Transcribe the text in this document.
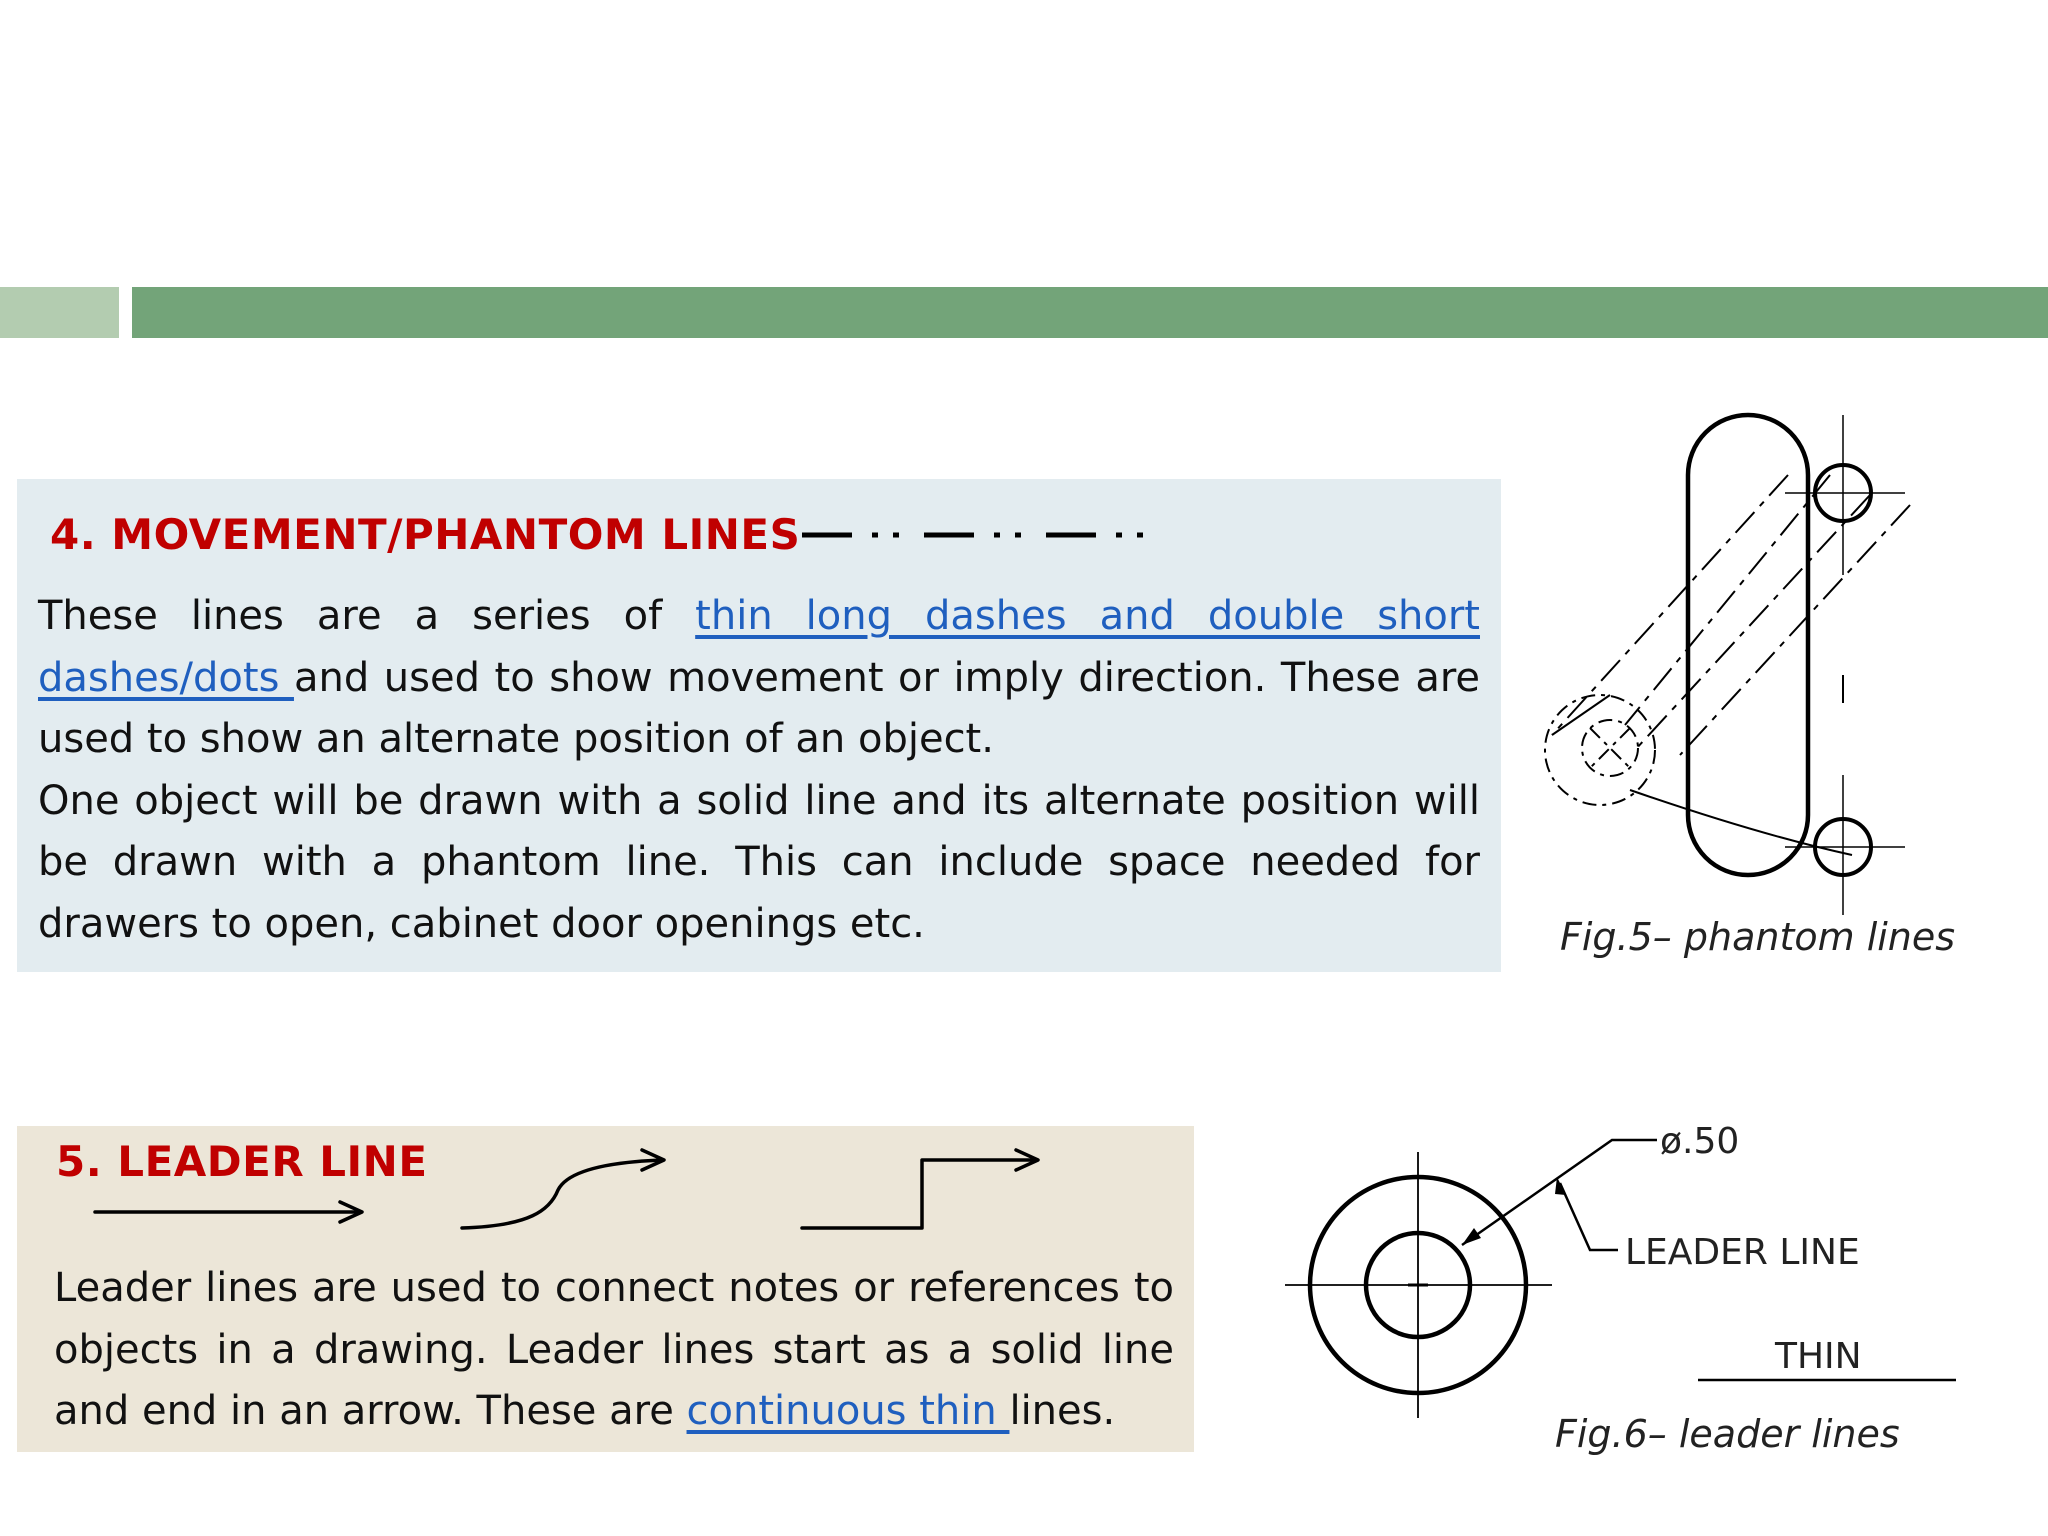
4. MOVEMENT/PHANTOM LINES

These lines are a series of thin long dashes and double short dashes/dots and used to show movement or imply direction. These are used to show an alternate position of an object.

One object will be drawn with a solid line and its alternate position will be drawn with a phantom line. This can include space needed for drawers to open, cabinet door openings etc.	Fig.5– phantom lines
5. LEADER LINE

Leader lines are used to connect notes or references to objects in a drawing. Leader lines start as a solid line and end in an arrow. These are continuous thin lines.

ø.50
LEADER LINE
THIN
Fig.6– leader lines
